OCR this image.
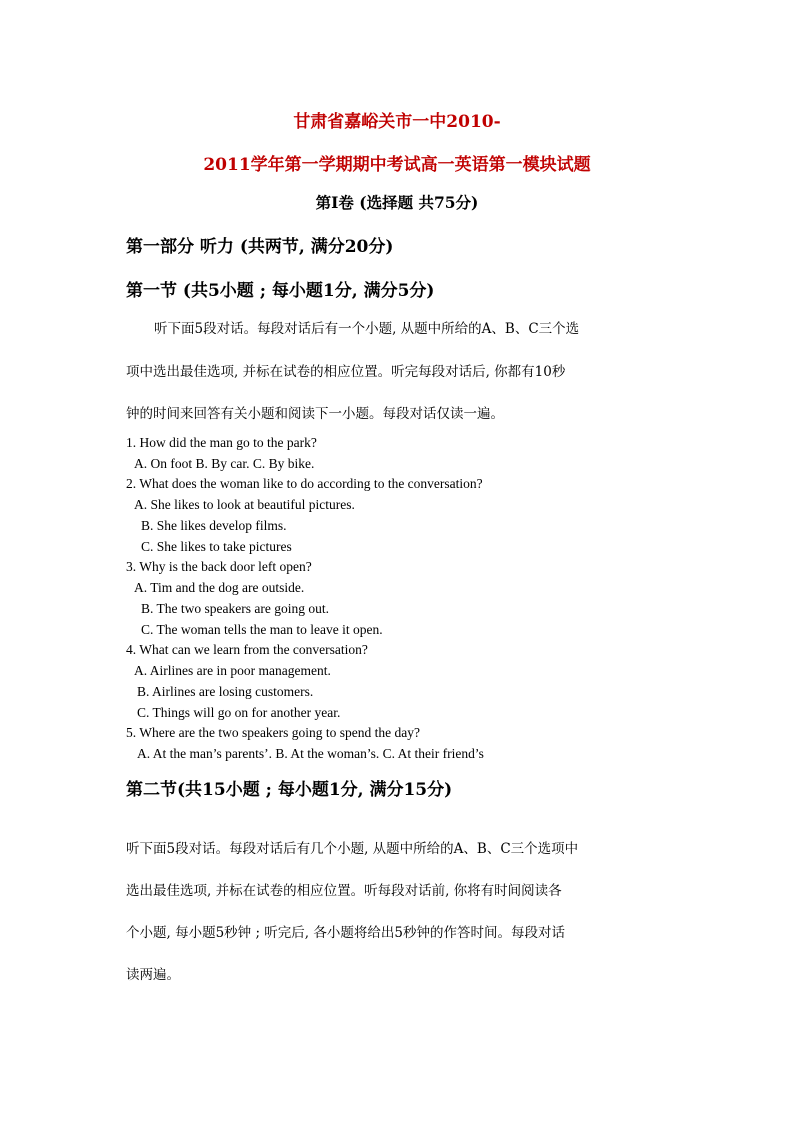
甘肃省嘉峪关市一中2010-
2011学年第一学期期中考试高一英语第一模块试题
第I卷 (选择题 共75分)
第一部分 听力 (共两节, 满分20分)
第一节 (共5小题 ; 每小题1分, 满分5分)
听下面5段对话。每段对话后有一个小题, 从题中所给的A、B、C三个选
项中选出最佳选项, 并标在试卷的相应位置。听完每段对话后, 你都有10秒
钟的时间来回答有关小题和阅读下一小题。每段对话仅读一遍。
1. How did the man go to the park?
A. On foot B. By car. C. By bike.
2. What does the woman like to do according to the conversation?
A. She likes to look at beautiful pictures.
B. She likes develop films.
C. She likes to take pictures
3. Why is the back door left open?
A. Tim and the dog are outside.
B. The two speakers are going out.
C. The woman tells the man to leave it open.
4. What can we learn from the conversation?
A. Airlines are in poor management.
B. Airlines are losing customers.
C. Things will go on for another year.
5. Where are the two speakers going to spend the day?
A. At the man’s parents’. B. At the woman’s. C. At their friend’s
第二节(共15小题 ; 每小题1分, 满分15分)
听下面5段对话。每段对话后有几个小题, 从题中所给的A、B、C三个选项中
选出最佳选项, 并标在试卷的相应位置。听每段对话前, 你将有时间阅读各
个小题, 每小题5秒钟 ; 听完后, 各小题将给出5秒钟的作答时间。每段对话
读两遍。
